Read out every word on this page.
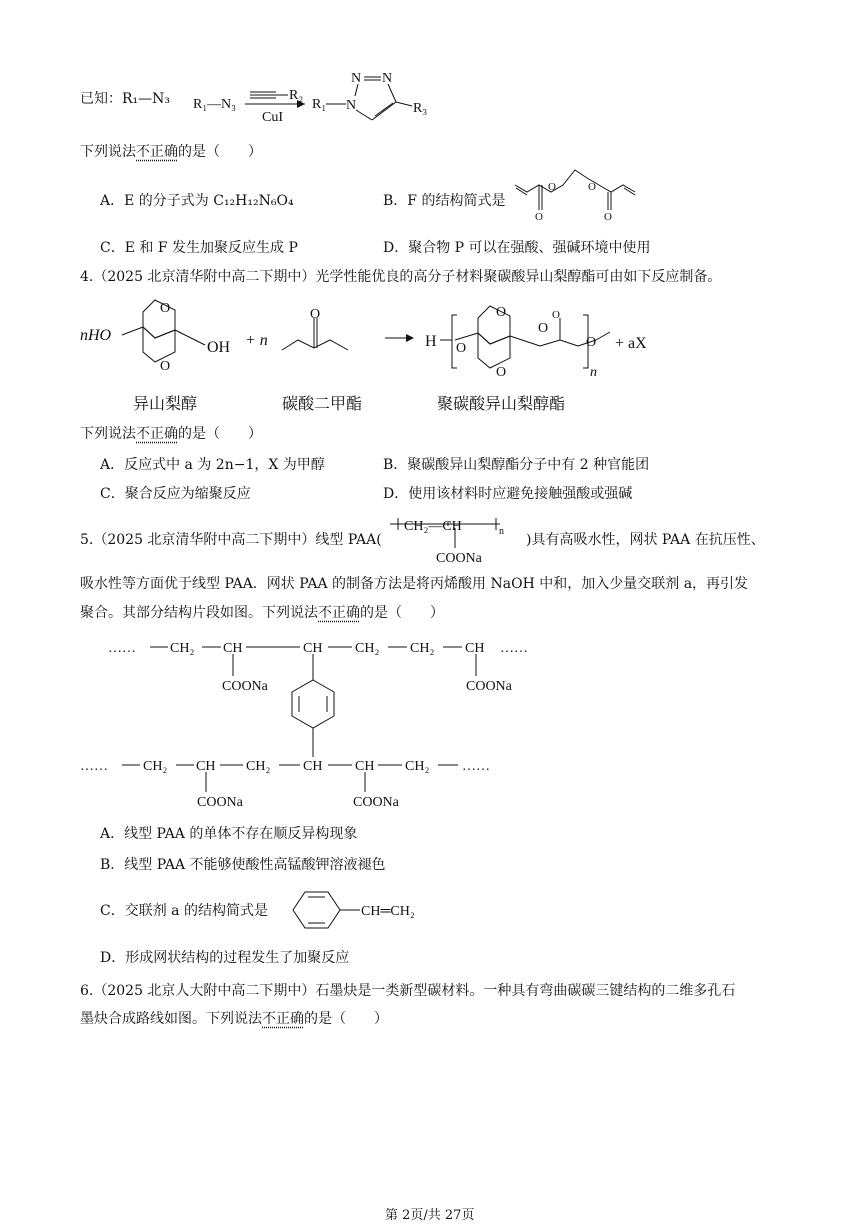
已知：R₁—N₃ R₁ —N₃
R₂
CuI
R₁ N
N N
R₃
O	O
O	O
nHO
O
O
OH + n
O
H O
O
O
O
O
O
n
+ aX
CH₂—CH	n
COONa
…… CH₂ CH	CH CH₂ CH₂ CH ……
COONa	COONa
……	CH₂ CH CH₂ CH CH CH₂ ……
COONa	COONa
CH═CH₂
下列说法不正确的是（　　）
A．E 的分子式为 C₁₂H₁₂N₆O₄	B．F 的结构简式是
C．E 和 F 发生加聚反应生成 P	D．聚合物 P 可以在强酸、强碱环境中使用
4.（2025 北京清华附中高二下期中）光学性能优良的高分子材料聚碳酸异山梨醇酯可由如下反应制备。
异山梨醇	碳酸二甲酯	聚碳酸异山梨醇酯
下列说法不正确的是（　　）
A．反应式中 a 为 2n−1，X 为甲醇	B．聚碳酸异山梨醇酯分子中有 2 种官能团
C．聚合反应为缩聚反应	D．使用该材料时应避免接触强酸或强碱
5.（2025 北京清华附中高二下期中）线型 PAA(	)具有高吸水性，网状 PAA 在抗压性、
吸水性等方面优于线型 PAA．网状 PAA 的制备方法是将丙烯酸用 NaOH 中和，加入少量交联剂 a，再引发
聚合。其部分结构片段如图。下列说法不正确的是（　　）
A．线型 PAA 的单体不存在顺反异构现象
B．线型 PAA 不能够使酸性高锰酸钾溶液褪色
C．交联剂 a 的结构简式是
D．形成网状结构的过程发生了加聚反应
6.（2025 北京人大附中高二下期中）石墨炔是一类新型碳材料。一种具有弯曲碳碳三键结构的二维多孔石
墨炔合成路线如图。下列说法不正确的是（　　）
第 2页/共 27页
